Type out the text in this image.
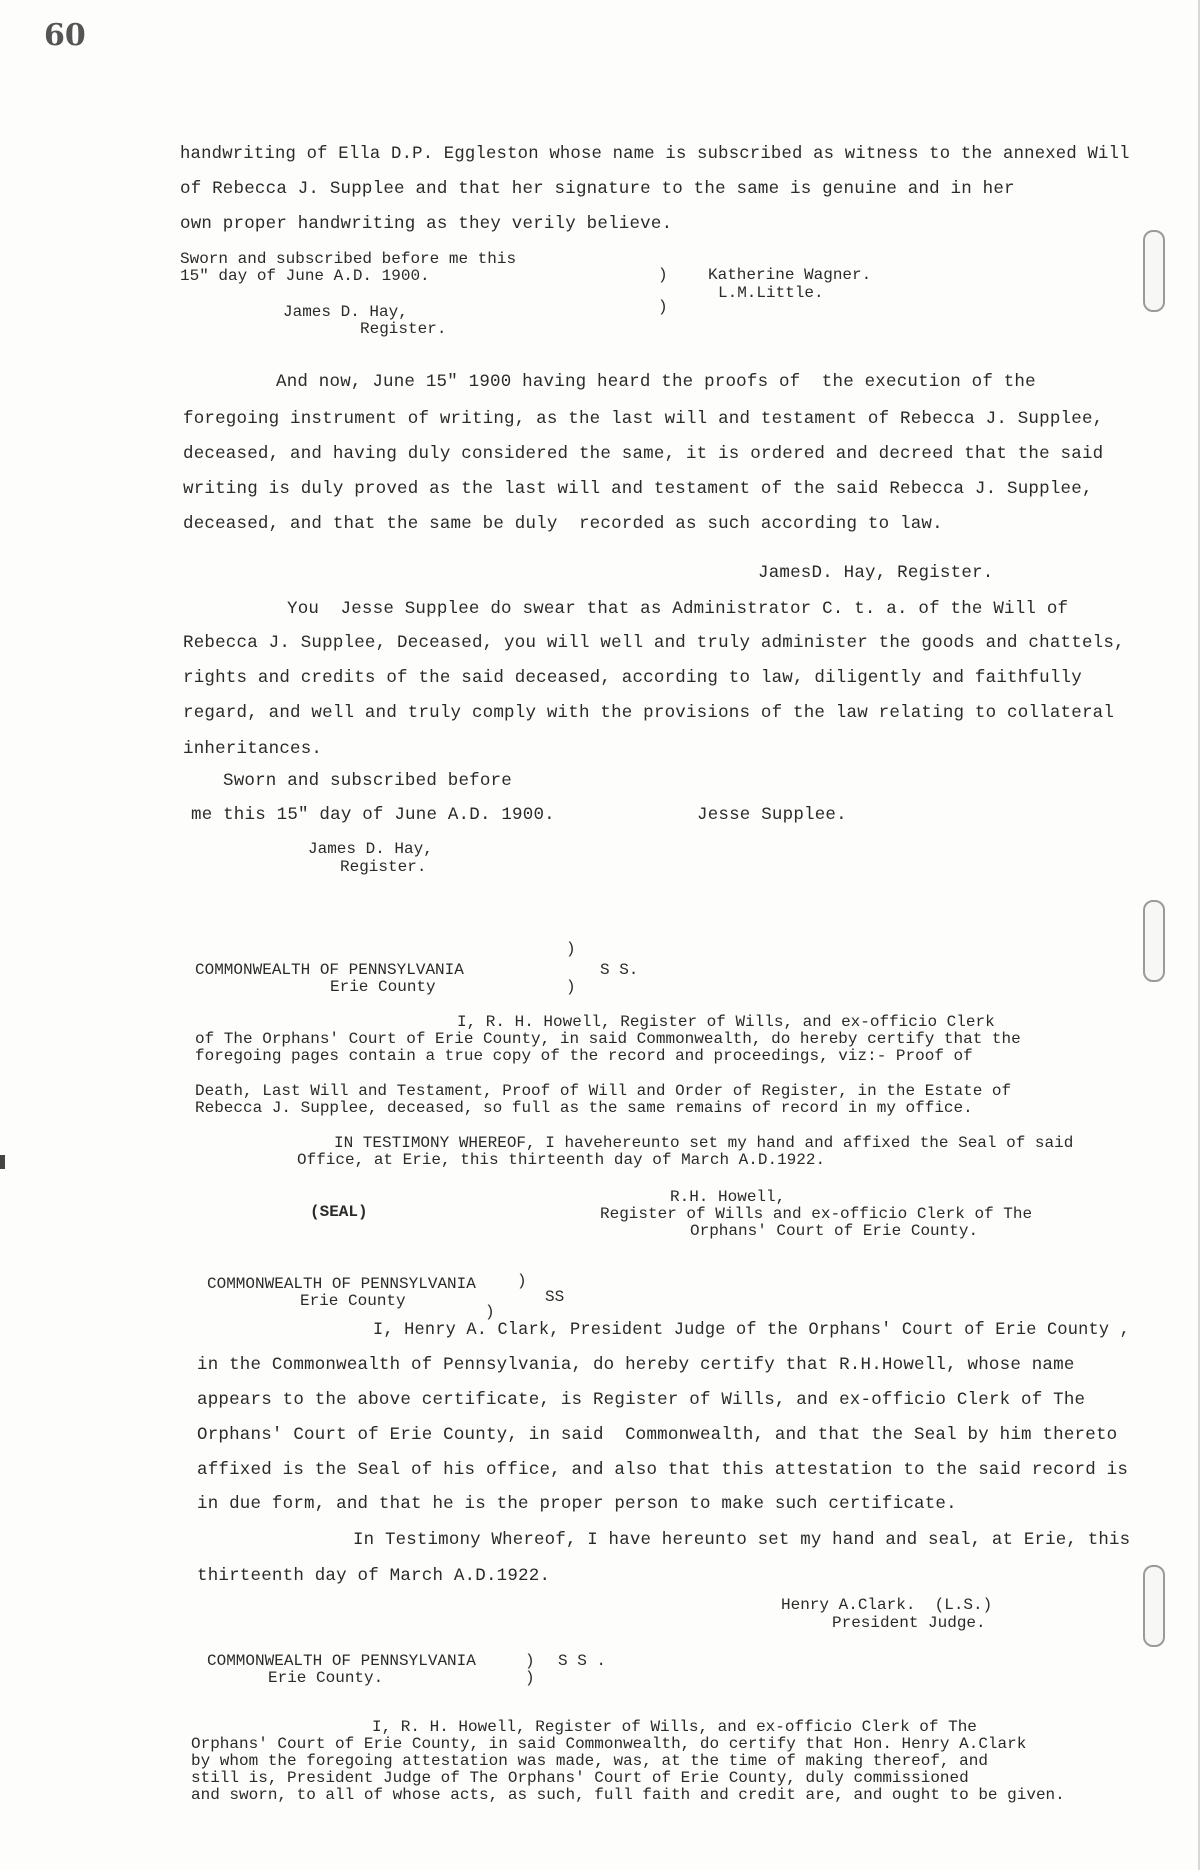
60
handwriting of Ella D.P. Eggleston whose name is subscribed as witness to the annexed Will
of Rebecca J. Supplee and that her signature to the same is genuine and in her
own proper handwriting as they verily believe.
Sworn and subscribed before me this
15" day of June A.D. 1900.	)
)
Katherine Wagner.
L.M.Little.
James D. Hay,
Register.
And now, June 15" 1900 having heard the proofs of  the execution of the
foregoing instrument of writing, as the last will and testament of Rebecca J. Supplee,
deceased, and having duly considered the same, it is ordered and decreed that the said
writing is duly proved as the last will and testament of the said Rebecca J. Supplee,
deceased, and that the same be duly  recorded as such according to law.
JamesD. Hay, Register.
You  Jesse Supplee do swear that as Administrator C. t. a. of the Will of
Rebecca J. Supplee, Deceased, you will well and truly administer the goods and chattels,
rights and credits of the said deceased, according to law, diligently and faithfully
regard, and well and truly comply with the provisions of the law relating to collateral
inheritances.
Sworn and subscribed before
me this 15" day of June A.D. 1900.	Jesse Supplee.
James D. Hay,
Register.
)
COMMONWEALTH OF PENNSYLVANIA	S S.
Erie County	)
I, R. H. Howell, Register of Wills, and ex-officio Clerk
of The Orphans' Court of Erie County, in said Commonwealth, do hereby certify that the
foregoing pages contain a true copy of the record and proceedings, viz:- Proof of
Death, Last Will and Testament, Proof of Will and Order of Register, in the Estate of
Rebecca J. Supplee, deceased, so full as the same remains of record in my office.
IN TESTIMONY WHEREOF, I havehereunto set my hand and affixed the Seal of said
Office, at Erie, this thirteenth day of March A.D.1922.
(SEAL)
R.H. Howell,
Register of Wills and ex-officio Clerk of The
Orphans' Court of Erie County.
COMMONWEALTH OF PENNSYLVANIA	)
Erie County	SS
)
I, Henry A. Clark, President Judge of the Orphans' Court of Erie County ,
in the Commonwealth of Pennsylvania, do hereby certify that R.H.Howell, whose name
appears to the above certificate, is Register of Wills, and ex-officio Clerk of The
Orphans' Court of Erie County, in said  Commonwealth, and that the Seal by him thereto
affixed is the Seal of his office, and also that this attestation to the said record is
in due form, and that he is the proper person to make such certificate.
In Testimony Whereof, I have hereunto set my hand and seal, at Erie, this
thirteenth day of March A.D.1922.
Henry A.Clark.  (L.S.)
President Judge.
COMMONWEALTH OF PENNSYLVANIA	) S S .
Erie County.	)
I, R. H. Howell, Register of Wills, and ex-officio Clerk of The
Orphans' Court of Erie County, in said Commonwealth, do certify that Hon. Henry A.Clark
by whom the foregoing attestation was made, was, at the time of making thereof, and
still is, President Judge of The Orphans' Court of Erie County, duly commissioned
and sworn, to all of whose acts, as such, full faith and credit are, and ought to be given.
